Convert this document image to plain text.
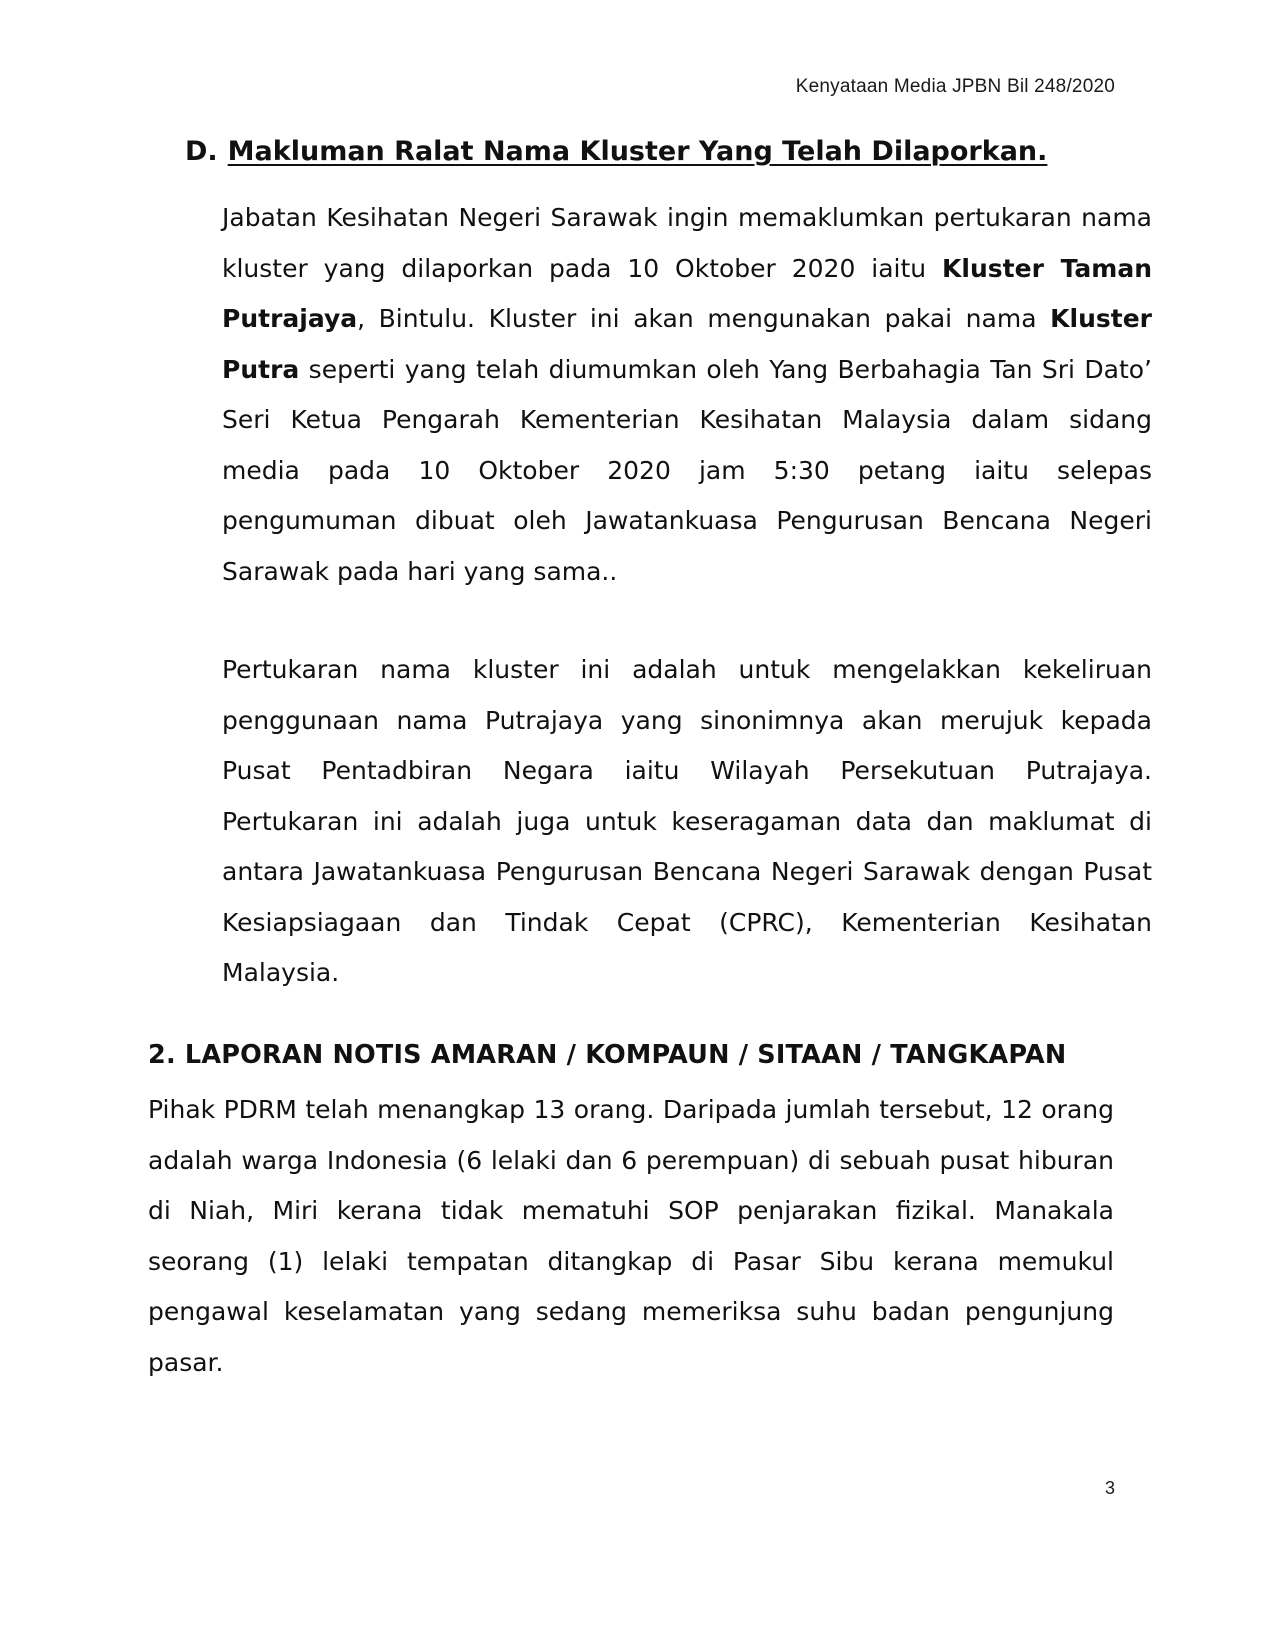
Kenyataan Media JPBN Bil 248/2020
D. Makluman Ralat Nama Kluster Yang Telah Dilaporkan.
Jabatan Kesihatan Negeri Sarawak ingin memaklumkan pertukaran nama kluster yang dilaporkan pada 10 Oktober 2020 iaitu Kluster Taman Putrajaya, Bintulu. Kluster ini akan mengunakan pakai nama Kluster Putra seperti yang telah diumumkan oleh Yang Berbahagia Tan Sri Dato’ Seri Ketua Pengarah Kementerian Kesihatan Malaysia dalam sidang media pada 10 Oktober 2020 jam 5:30 petang iaitu selepas pengumuman dibuat oleh Jawatankuasa Pengurusan Bencana Negeri Sarawak pada hari yang sama..
Pertukaran nama kluster ini adalah untuk mengelakkan kekeliruan penggunaan nama Putrajaya yang sinonimnya akan merujuk kepada Pusat Pentadbiran Negara iaitu Wilayah Persekutuan Putrajaya. Pertukaran ini adalah juga untuk keseragaman data dan maklumat di antara Jawatankuasa Pengurusan Bencana Negeri Sarawak dengan Pusat Kesiapsiagaan dan Tindak Cepat (CPRC), Kementerian Kesihatan Malaysia.
2. LAPORAN NOTIS AMARAN / KOMPAUN / SITAAN / TANGKAPAN
Pihak PDRM telah menangkap 13 orang. Daripada jumlah tersebut, 12 orang adalah warga Indonesia (6 lelaki dan 6 perempuan) di sebuah pusat hiburan di Niah, Miri kerana tidak mematuhi SOP penjarakan fizikal. Manakala seorang (1) lelaki tempatan ditangkap di Pasar Sibu kerana memukul pengawal keselamatan yang sedang memeriksa suhu badan pengunjung pasar.
3
